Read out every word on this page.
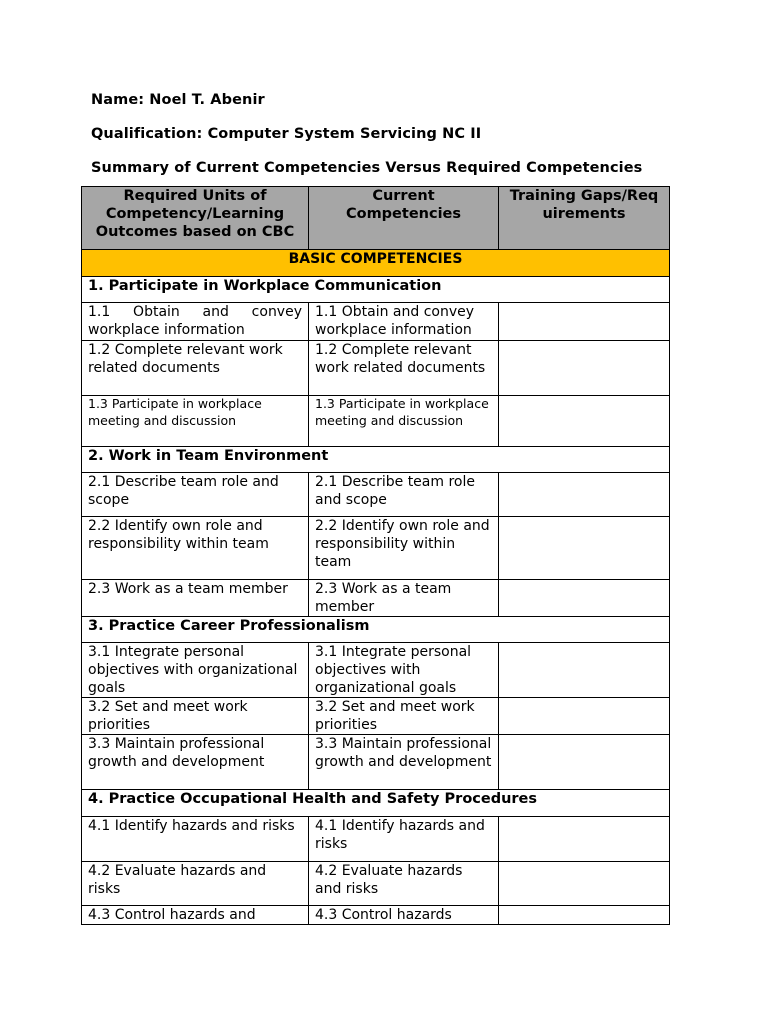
Name: Noel T. Abenir
Qualification: Computer System Servicing NC II
Summary of Current Competencies Versus Required Competencies
Required Units of Competency/Learning Outcomes based on CBC	Current Competencies	Training Gaps/Requirements
BASIC COMPETENCIES		
1. Participate in Workplace Communication		
1.1 Obtain and convey workplace information	1.1 Obtain and convey workplace information	
1.2 Complete relevant work related documents	1.2 Complete relevant work related documents	
1.3 Participate in workplace meeting and discussion	1.3 Participate in workplace meeting and discussion	
2. Work in Team Environment		
2.1 Describe team role and scope	2.1 Describe team role and scope	
2.2 Identify own role and responsibility within team	2.2 Identify own role and responsibility within team	
2.3 Work as a team member	2.3 Work as a team member	
3. Practice Career Professionalism		
3.1 Integrate personal objectives with organizational goals	3.1 Integrate personal objectives with organizational goals	
3.2 Set and meet work priorities	3.2 Set and meet work priorities	
3.3 Maintain professional growth and development	3.3 Maintain professional growth and development	
4. Practice Occupational Health and Safety Procedures		
4.1 Identify hazards and risks	4.1 Identify hazards and risks	
4.2 Evaluate hazards and risks	4.2 Evaluate hazards and risks	
4.3 Control hazards and	4.3 Control hazards	
